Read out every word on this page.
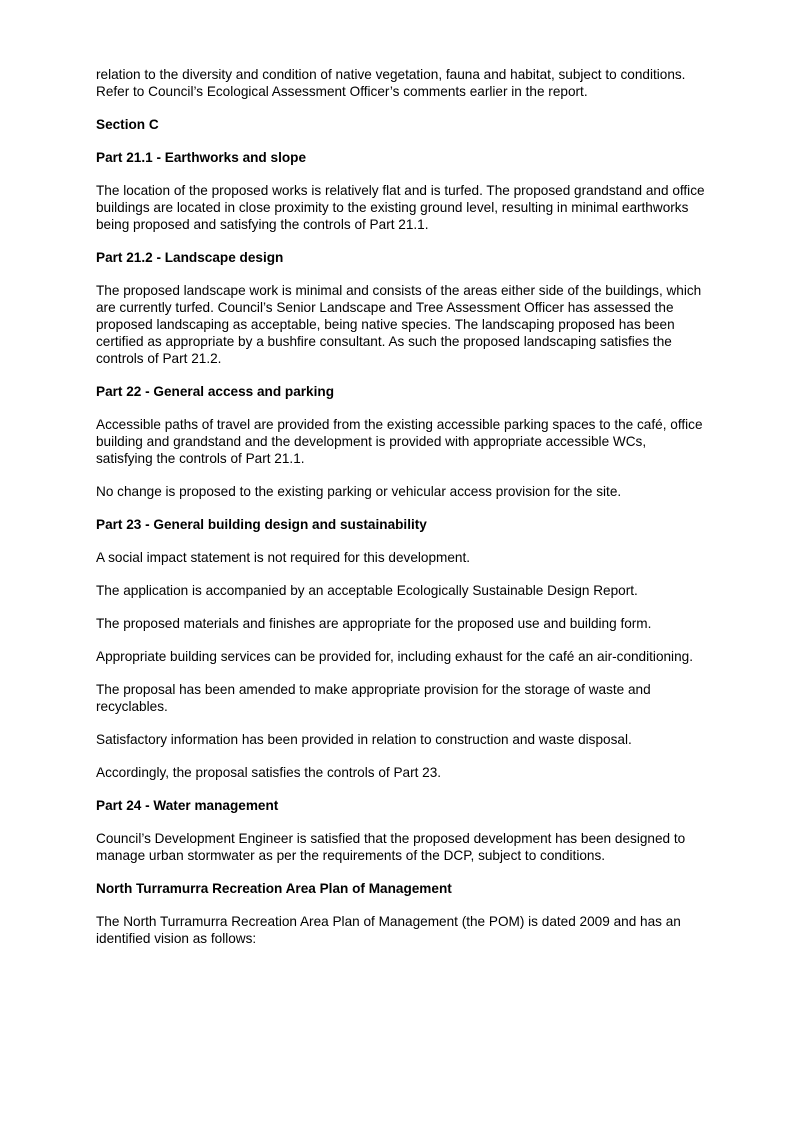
relation to the diversity and condition of native vegetation, fauna and habitat, subject to conditions. Refer to Council’s Ecological Assessment Officer’s comments earlier in the report.

Section C
Part 21.1 - Earthworks and slope

The location of the proposed works is relatively flat and is turfed. The proposed grandstand and office buildings are located in close proximity to the existing ground level, resulting in minimal earthworks being proposed and satisfying the controls of Part 21.1.

Part 21.2 - Landscape design

The proposed landscape work is minimal and consists of the areas either side of the buildings, which are currently turfed. Council’s Senior Landscape and Tree Assessment Officer has assessed the proposed landscaping as acceptable, being native species. The landscaping proposed has been certified as appropriate by a bushfire consultant. As such the proposed landscaping satisfies the controls of Part 21.2.

Part 22 - General access and parking

Accessible paths of travel are provided from the existing accessible parking spaces to the café, office building and grandstand and the development is provided with appropriate accessible WCs, satisfying the controls of Part 21.1.

No change is proposed to the existing parking or vehicular access provision for the site.

Part 23 - General building design and sustainability

A social impact statement is not required for this development.

The application is accompanied by an acceptable Ecologically Sustainable Design Report.

The proposed materials and finishes are appropriate for the proposed use and building form.

Appropriate building services can be provided for, including exhaust for the café an air-conditioning.

The proposal has been amended to make appropriate provision for the storage of waste and recyclables.

Satisfactory information has been provided in relation to construction and waste disposal.

Accordingly, the proposal satisfies the controls of Part 23.

Part 24 - Water management

Council’s Development Engineer is satisfied that the proposed development has been designed to manage urban stormwater as per the requirements of the DCP, subject to conditions.

North Turramurra Recreation Area Plan of Management

The North Turramurra Recreation Area Plan of Management (the POM) is dated 2009 and has an identified vision as follows:
